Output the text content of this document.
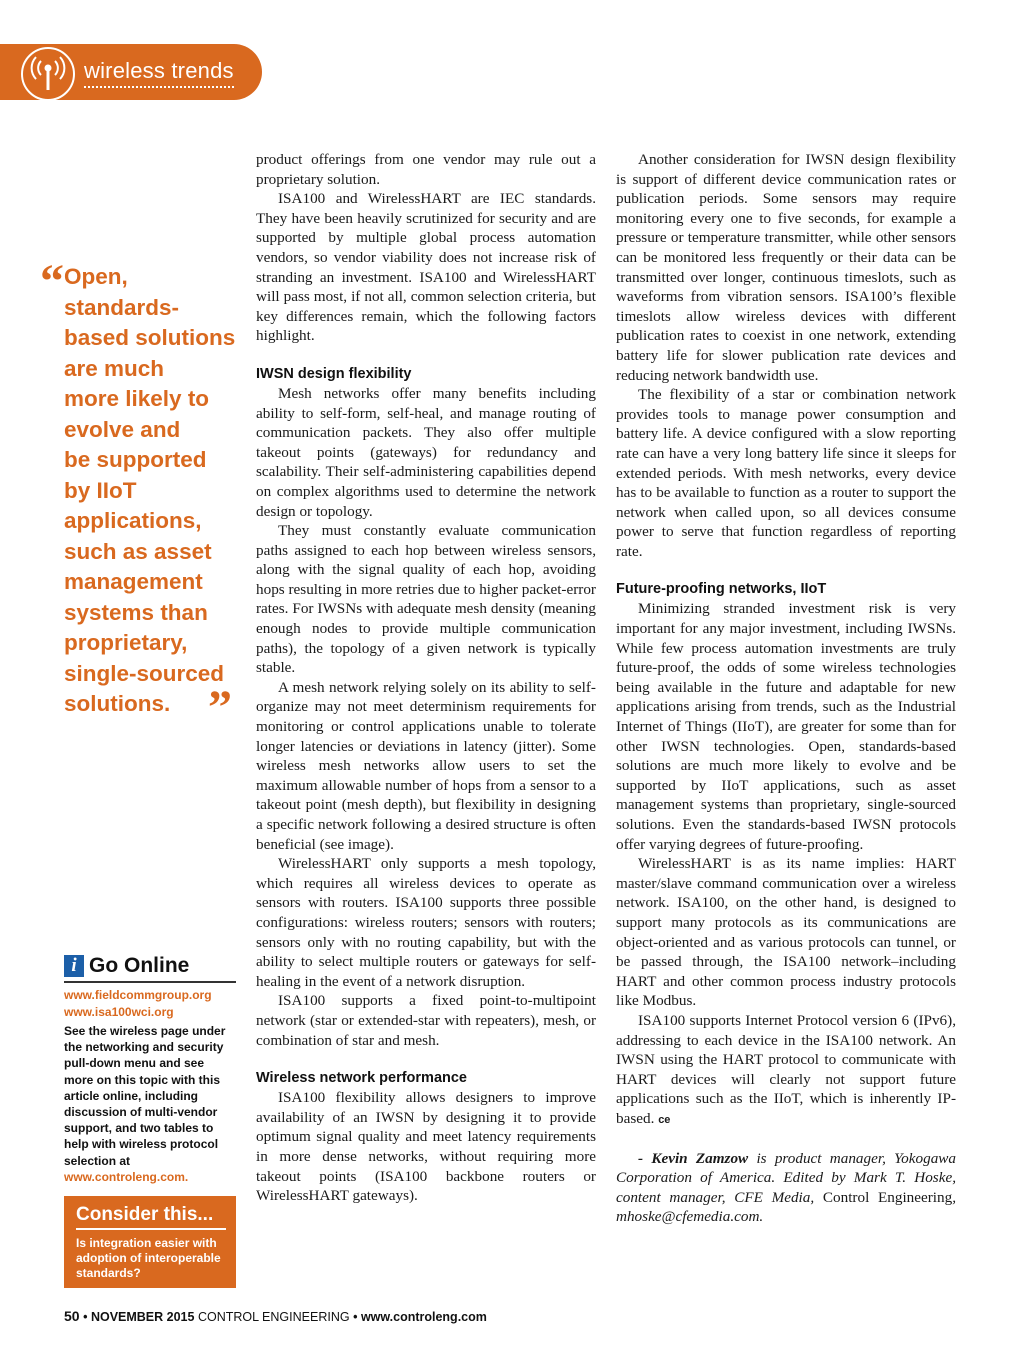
wireless trends
“ Open,
standards-
based solutions
are much
more likely to
evolve and
be supported
by IIoT
applications,
such as asset
management
systems than
proprietary,
single-sourced
solutions. ”
i Go Online
www.fieldcommgroup.org
www.isa100wci.org
See the wireless page under the networking and security pull-down menu and see more on this topic with this article online, including discussion of multi-vendor support, and two tables to help with wireless protocol selection at www.controleng.com.
Consider this...
Is integration easier with adoption of interoperable standards?

product offerings from one vendor may rule out a proprietary solution.

ISA100 and WirelessHART are IEC standards. They have been heavily scrutinized for security and are supported by multiple global process automation vendors, so vendor viability does not increase risk of stranding an investment. ISA100 and WirelessHART will pass most, if not all, common selection criteria, but key differences remain, which the following factors highlight.

IWSN design flexibility

Mesh networks offer many benefits including ability to self-form, self-heal, and manage routing of communication packets. They also offer multiple takeout points (gateways) for redundancy and scalability. Their self-administering capabilities depend on complex algorithms used to determine the network design or topology.

They must constantly evaluate communication paths assigned to each hop between wireless sensors, along with the signal quality of each hop, avoiding hops resulting in more retries due to higher packet-error rates. For IWSNs with adequate mesh density (meaning enough nodes to provide multiple communication paths), the topology of a given network is typically stable.

A mesh network relying solely on its ability to self-organize may not meet determinism requirements for monitoring or control applications unable to tolerate longer latencies or deviations in latency (jitter). Some wireless mesh networks allow users to set the maximum allowable number of hops from a sensor to a takeout point (mesh depth), but flexibility in designing a specific network following a desired structure is often beneficial (see image).

WirelessHART only supports a mesh topology, which requires all wireless devices to operate as sensors with routers. ISA100 supports three possible configurations: wireless routers; sensors with routers; sensors only with no routing capability, but with the ability to select multiple routers or gateways for self-healing in the event of a network disruption.

ISA100 supports a fixed point-to-multipoint network (star or extended-star with repeaters), mesh, or combination of star and mesh.

Wireless network performance

ISA100 flexibility allows designers to improve availability of an IWSN by designing it to provide optimum signal quality and meet latency requirements in more dense networks, without requiring more takeout points (ISA100 backbone routers or WirelessHART gateways).

Another consideration for IWSN design flexibility is support of different device communication rates or publication periods. Some sensors may require monitoring every one to five seconds, for example a pressure or temperature transmitter, while other sensors can be monitored less frequently or their data can be transmitted over longer, continuous timeslots, such as waveforms from vibration sensors. ISA100’s flexible timeslots allow wireless devices with different publication rates to coexist in one network, extending battery life for slower publication rate devices and reducing network bandwidth use.

The flexibility of a star or combination network provides tools to manage power consumption and battery life. A device configured with a slow reporting rate can have a very long battery life since it sleeps for extended periods. With mesh networks, every device has to be available to function as a router to support the network when called upon, so all devices consume power to serve that function regardless of reporting rate.

Future-proofing networks, IIoT

Minimizing stranded investment risk is very important for any major investment, including IWSNs. While few process automation investments are truly future-proof, the odds of some wireless technologies being available in the future and adaptable for new applications arising from trends, such as the Industrial Internet of Things (IIoT), are greater for some than for other IWSN technologies. Open, standards-based solutions are much more likely to evolve and be supported by IIoT applications, such as asset management systems than proprietary, single-sourced solutions. Even the standards-based IWSN protocols offer varying degrees of future-proofing.

WirelessHART is as its name implies: HART master/slave command communication over a wireless network. ISA100, on the other hand, is designed to support many protocols as its communications are object-oriented and as various protocols can tunnel, or be passed through, the ISA100 network–including HART and other common process industry protocols like Modbus.

ISA100 supports Internet Protocol version 6 (IPv6), addressing to each device in the ISA100 network. An IWSN using the HART protocol to communicate with HART devices will clearly not support future applications such as the IIoT, which is inherently IP-based. ce

- Kevin Zamzow is product manager, Yokogawa Corporation of America. Edited by Mark T. Hoske, content manager, CFE Media, Control Engineering, mhoske@cfemedia.com.

50 • NOVEMBER 2015 CONTROL ENGINEERING • www.controleng.com
